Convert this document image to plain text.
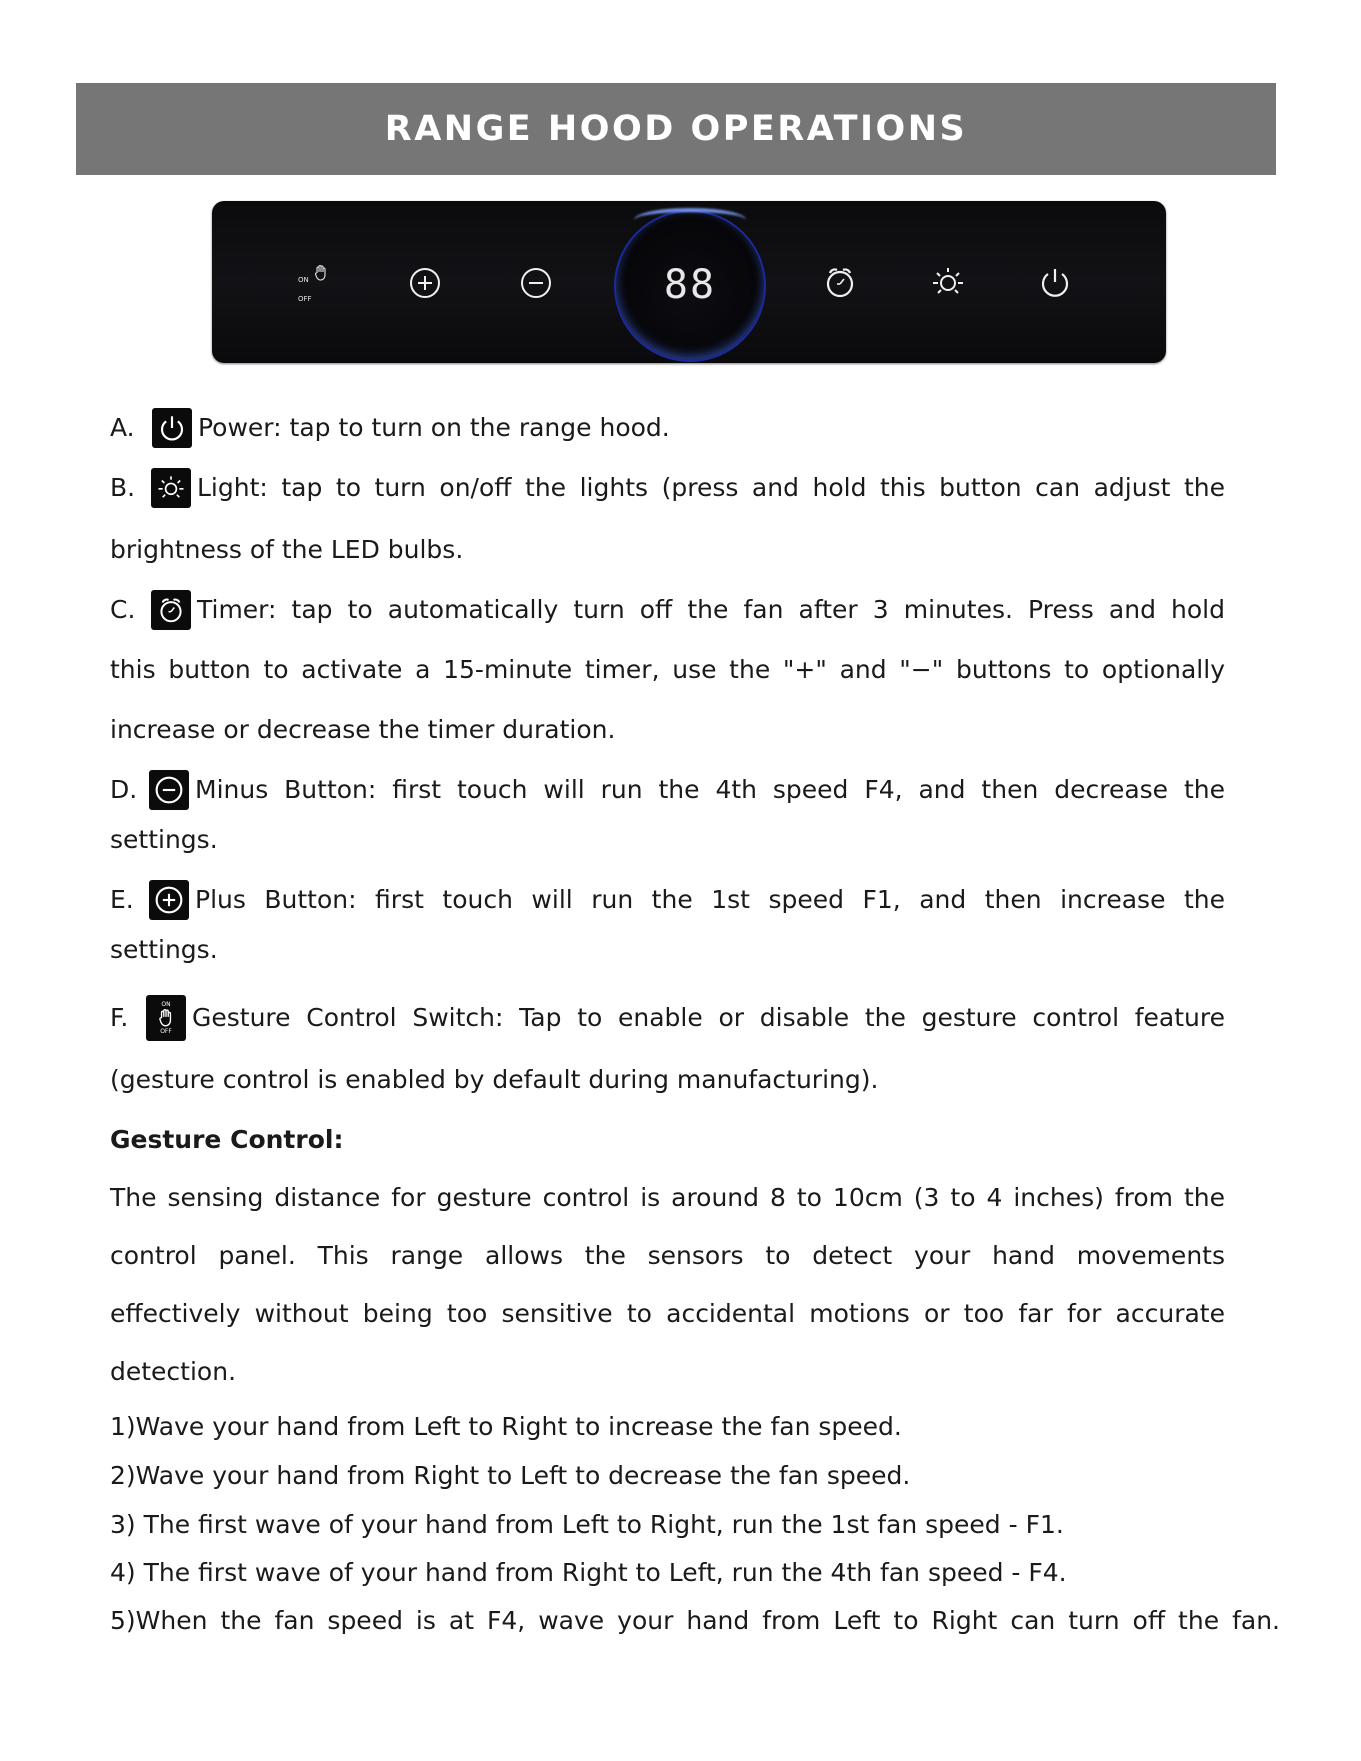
RANGE HOOD OPERATIONS
ON  OFF	88
A.	Power: tap to turn on the range hood.
B.	Light: tap to turn on/off the lights (press and hold this button can adjust the
brightness of the LED bulbs.
C.	Timer: tap to automatically turn off the fan after 3 minutes. Press and hold
this button to activate a 15-minute timer, use the "+" and "−" buttons to optionally
increase or decrease the timer duration.
D.	Minus Button: first touch will run the 4th speed F4, and then decrease the
settings.
E.	Plus Button: first touch will run the 1st speed F1, and then increase the
settings.
F.	ON
OFF Gesture Control Switch: Tap to enable or disable the gesture control feature
(gesture control is enabled by default during manufacturing).
Gesture Control:
The sensing distance for gesture control is around 8 to 10cm (3 to 4 inches) from the
control panel. This range allows the sensors to detect your hand movements
effectively without being too sensitive to accidental motions or too far for accurate
detection.
1)Wave your hand from Left to Right to increase the fan speed.
2)Wave your hand from Right to Left to decrease the fan speed.
3) The first wave of your hand from Left to Right, run the 1st fan speed - F1.
4) The first wave of your hand from Right to Left, run the 4th fan speed - F4.
5)When the fan speed is at F4, wave your hand from Left to Right can turn off the fan.
